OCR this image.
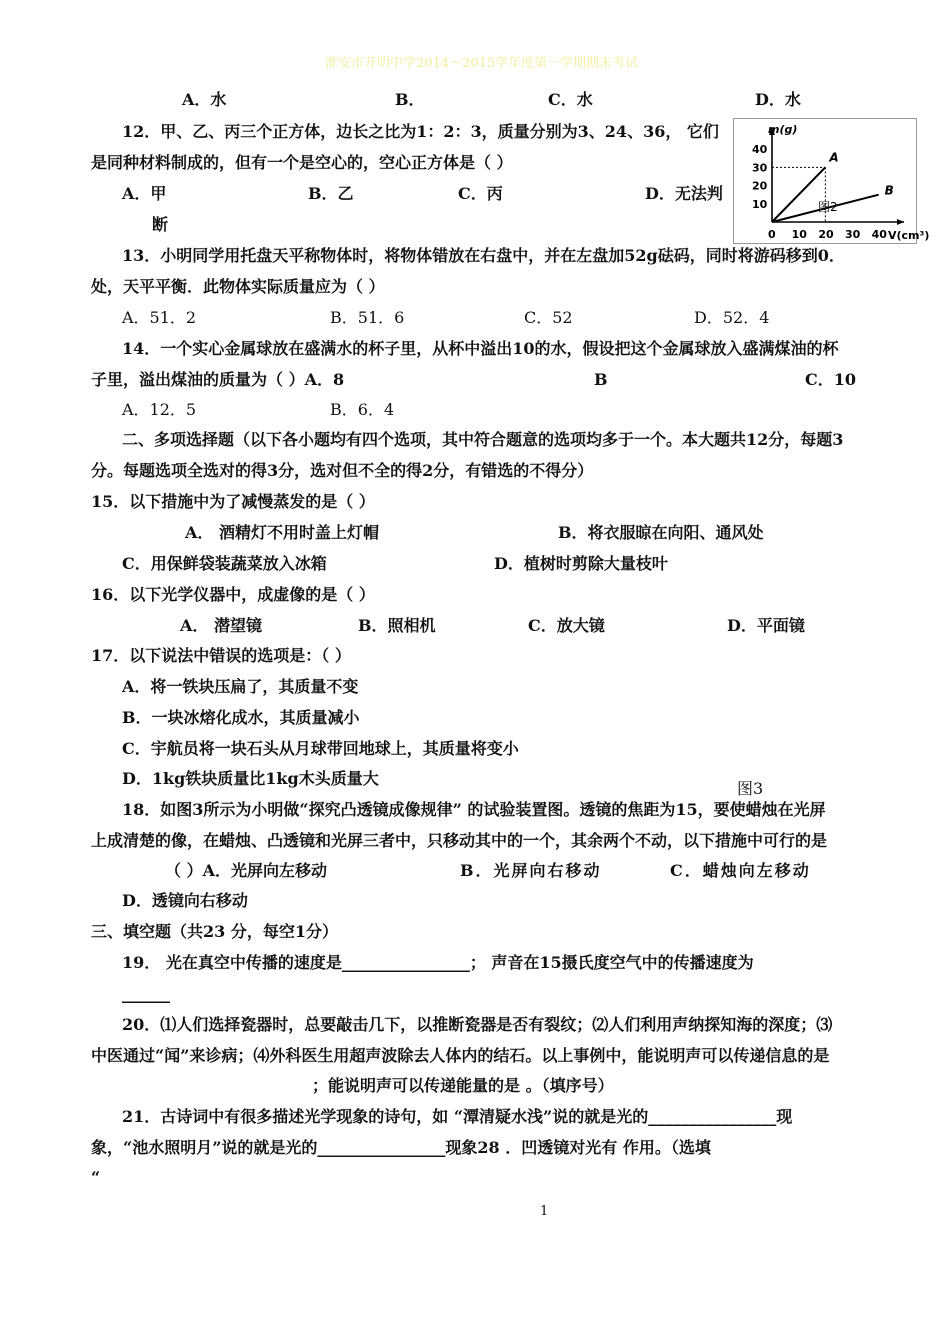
淮安市开明中学2014～2015学年度第一学期期末考试
A．水	B．	C．水	D．水
12．甲、乙、丙三个正方体，边长之比为1：2：3，质量分别为3、24、36， 它们
是同种材料制成的，但有一个是空心的，空心正方体是（ ）
A．甲	B．乙	C．丙	D．无法判
断
m(g)
V(cm³)
0 10 20 30 40
10
20
30
40
A
B
图2
13．小明同学用托盘天平称物体时，将物体错放在右盘中，并在左盘加52g砝码，同时将游码移到0．
处，天平平衡．此物体实际质量应为（ ）
A．51．2	B．51．6	C．52	D．52．4
14．一个实心金属球放在盛满水的杯子里，从杯中溢出10的水，假设把这个金属球放入盛满煤油的杯
子里，溢出煤油的质量为（ ）A．8	B	C．10
A．12．5	B．6．4
二、多项选择题（以下各小题均有四个选项，其中符合题意的选项均多于一个。本大题共12分，每题3
分。每题选项全选对的得3分，选对但不全的得2分，有错选的不得分）
15．以下措施中为了减慢蒸发的是（ ）
A． 酒精灯不用时盖上灯帽	B．将衣服晾在向阳、通风处
C．用保鲜袋装蔬菜放入冰箱	D．植树时剪除大量枝叶
16．以下光学仪器中，成虚像的是（ ）
A． 潜望镜	B．照相机	C．放大镜	D．平面镜
17．以下说法中错误的选项是：（ ）
A．将一铁块压扁了，其质量不变
B．一块冰熔化成水，其质量减小
C．宇航员将一块石头从月球带回地球上，其质量将变小
D．1kg铁块质量比1kg木头质量大
图3
18．如图3所示为小明做“探究凸透镜成像规律” 的试验装置图。透镜的焦距为15，要使蜡烛在光屏
上成清楚的像，在蜡烛、凸透镜和光屏三者中，只移动其中的一个，其余两个不动，以下措施中可行的是
（ ）A．光屏向左移动	B．光屏向右移动	C．蜡烛向左移动
D．透镜向右移动
三、填空题（共23 分，每空1分）
19． 光在真空中传播的速度是________________； 声音在15摄氏度空气中的传播速度为
______
20．⑴人们选择瓷器时，总要敲击几下，以推断瓷器是否有裂纹；⑵人们利用声纳探知海的深度；⑶
中医通过“闻”来诊病；⑷外科医生用超声波除去人体内的结石。以上事例中，能说明声可以传递信息的是
；能说明声可以传递能量的是 。（填序号）
21．古诗词中有很多描述光学现象的诗句，如 “潭清疑水浅”说的就是光的________________现
象，“池水照明月”说的就是光的________________现象28 ．凹透镜对光有 作用。（选填
“
1
